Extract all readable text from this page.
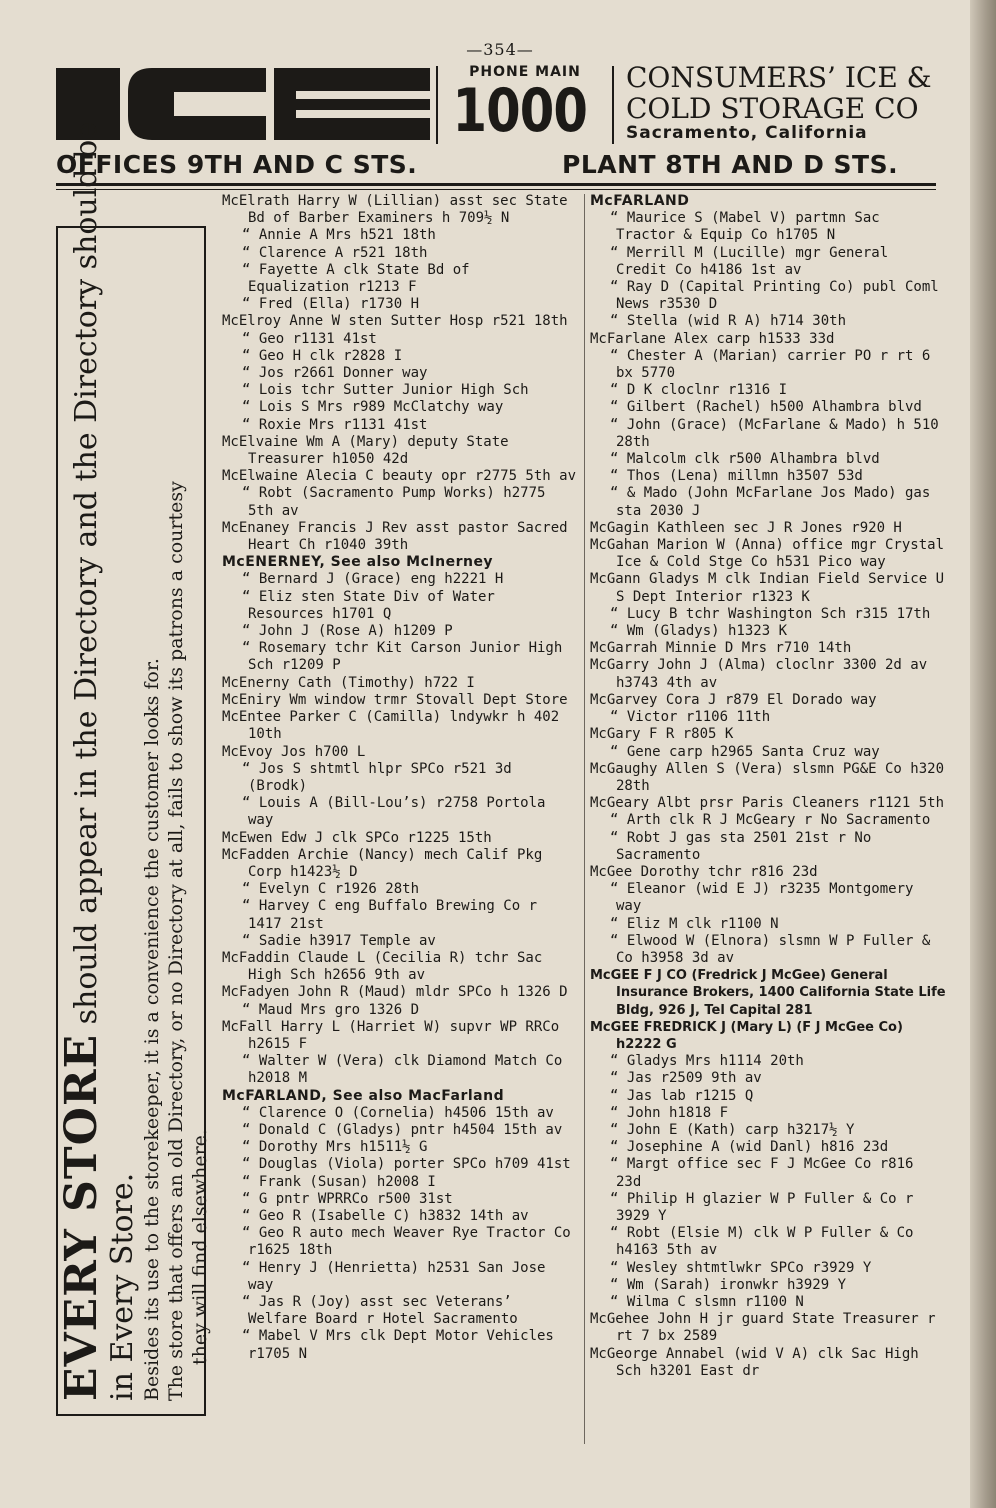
—354—
PHONE MAIN
1000 CONSUMERS’ ICE &
COLD STORAGE CO
Sacramento, California
OFFICES 9TH AND C STS.	PLANT 8TH AND D STS.
EVERY STORE should appear in the Directory and the Directory should be
in Every Store. Besides its use to the storekeeper, it is a convenience the customer looks for. The store that offers an old Directory, or no Directory at all, fails to show its patrons a courtesy they will find elsewhere.
McElrath Harry W (Lillian) asst sec State Bd of Barber Examiners h 709½ N
“ Annie A Mrs h521 18th
“ Clarence A r521 18th
“ Fayette A clk State Bd of Equalization r1213 F
“ Fred (Ella) r1730 H
McElroy Anne W sten Sutter Hosp r521 18th
“ Geo r1131 41st
“ Geo H clk r2828 I
“ Jos r2661 Donner way
“ Lois tchr Sutter Junior High Sch
“ Lois S Mrs r989 McClatchy way
“ Roxie Mrs r1131 41st
McElvaine Wm A (Mary) deputy State Treasurer h1050 42d
McElwaine Alecia C beauty opr r2775 5th av
“ Robt (Sacramento Pump Works) h2775 5th av
McEnaney Francis J Rev asst pastor Sacred Heart Ch r1040 39th
McENERNEY, See also McInerney
“ Bernard J (Grace) eng h2221 H
“ Eliz sten State Div of Water Resources h1701 Q
“ John J (Rose A) h1209 P
“ Rosemary tchr Kit Carson Junior High Sch r1209 P
McEnerny Cath (Timothy) h722 I
McEniry Wm window trmr Stovall Dept Store
McEntee Parker C (Camilla) lndywkr h 402 10th
McEvoy Jos h700 L
“ Jos S shtmtl hlpr SPCo r521 3d (Brodk)
“ Louis A (Bill-Lou’s) r2758 Portola way
McEwen Edw J clk SPCo r1225 15th
McFadden Archie (Nancy) mech Calif Pkg Corp h1423½ D
“ Evelyn C r1926 28th
“ Harvey C eng Buffalo Brewing Co r 1417 21st
“ Sadie h3917 Temple av
McFaddin Claude L (Cecilia R) tchr Sac High Sch h2656 9th av
McFadyen John R (Maud) mldr SPCo h 1326 D
“ Maud Mrs gro 1326 D
McFall Harry L (Harriet W) supvr WP RRCo h2615 F
“ Walter W (Vera) clk Diamond Match Co h2018 M
McFARLAND, See also MacFarland
“ Clarence O (Cornelia) h4506 15th av
“ Donald C (Gladys) pntr h4504 15th av
“ Dorothy Mrs h1511½ G
“ Douglas (Viola) porter SPCo h709 41st
“ Frank (Susan) h2008 I
“ G pntr WPRRCo r500 31st
“ Geo R (Isabelle C) h3832 14th av
“ Geo R auto mech Weaver Rye Tractor Co r1625 18th
“ Henry J (Henrietta) h2531 San Jose way
“ Jas R (Joy) asst sec Veterans’ Welfare Board r Hotel Sacramento
“ Mabel V Mrs clk Dept Motor Vehicles r1705 N
McFARLAND
“ Maurice S (Mabel V) partmn Sac Tractor & Equip Co h1705 N
“ Merrill M (Lucille) mgr General Credit Co h4186 1st av
“ Ray D (Capital Printing Co) publ Coml News r3530 D
“ Stella (wid R A) h714 30th
McFarlane Alex carp h1533 33d
“ Chester A (Marian) carrier PO r rt 6 bx 5770
“ D K cloclnr r1316 I
“ Gilbert (Rachel) h500 Alhambra blvd
“ John (Grace) (McFarlane & Mado) h 510 28th
“ Malcolm clk r500 Alhambra blvd
“ Thos (Lena) millmn h3507 53d
“ & Mado (John McFarlane Jos Mado) gas sta 2030 J
McGagin Kathleen sec J R Jones r920 H
McGahan Marion W (Anna) office mgr Crystal Ice & Cold Stge Co h531 Pico way
McGann Gladys M clk Indian Field Service U S Dept Interior r1323 K
“ Lucy B tchr Washington Sch r315 17th
“ Wm (Gladys) h1323 K
McGarrah Minnie D Mrs r710 14th
McGarry John J (Alma) cloclnr 3300 2d av h3743 4th av
McGarvey Cora J r879 El Dorado way
“ Victor r1106 11th
McGary F R r805 K
“ Gene carp h2965 Santa Cruz way
McGaughy Allen S (Vera) slsmn PG&E Co h320 28th
McGeary Albt prsr Paris Cleaners r1121 5th
“ Arth clk R J McGeary r No Sacramento
“ Robt J gas sta 2501 21st r No Sacramento
McGee Dorothy tchr r816 23d
“ Eleanor (wid E J) r3235 Montgomery way
“ Eliz M clk r1100 N
“ Elwood W (Elnora) slsmn W P Fuller & Co h3958 3d av
McGEE F J CO (Fredrick J McGee) General Insurance Brokers, 1400 California State Life Bldg, 926 J, Tel Capital 281
McGEE FREDRICK J (Mary L) (F J McGee Co) h2222 G
“ Gladys Mrs h1114 20th
“ Jas r2509 9th av
“ Jas lab r1215 Q
“ John h1818 F
“ John E (Kath) carp h3217½ Y
“ Josephine A (wid Danl) h816 23d
“ Margt office sec F J McGee Co r816 23d
“ Philip H glazier W P Fuller & Co r 3929 Y
“ Robt (Elsie M) clk W P Fuller & Co h4163 5th av
“ Wesley shtmtlwkr SPCo r3929 Y
“ Wm (Sarah) ironwkr h3929 Y
“ Wilma C slsmn r1100 N
McGehee John H jr guard State Treasurer r rt 7 bx 2589
McGeorge Annabel (wid V A) clk Sac High Sch h3201 East dr
